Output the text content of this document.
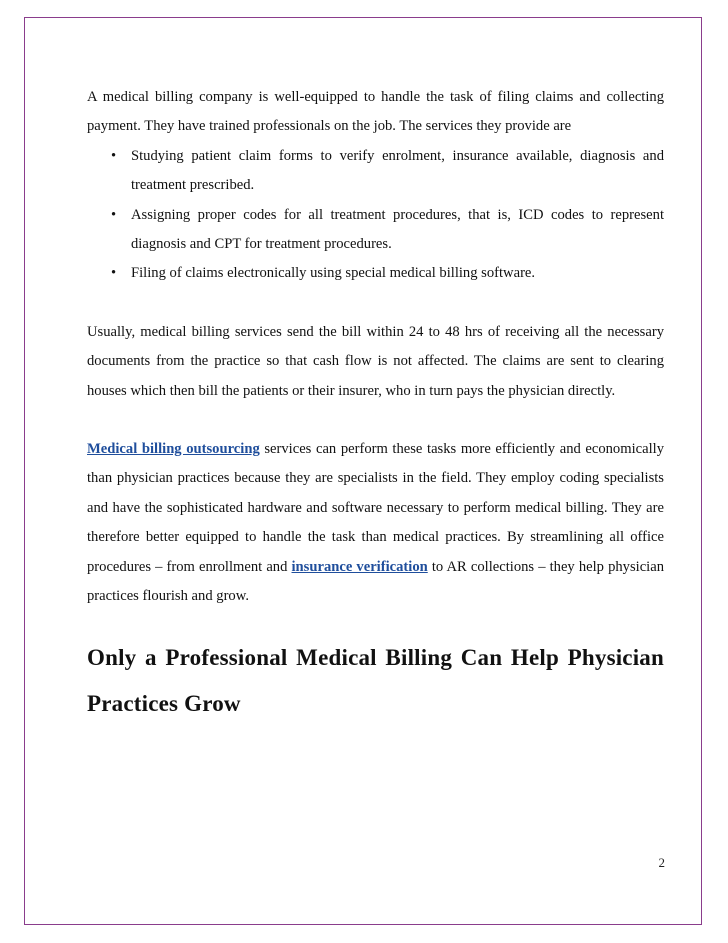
A medical billing company is well-equipped to handle the task of filing claims and collecting payment. They have trained professionals on the job. The services they provide are

• Studying patient claim forms to verify enrolment, insurance available, diagnosis and treatment prescribed.
• Assigning proper codes for all treatment procedures, that is, ICD codes to represent diagnosis and CPT for treatment procedures.
• Filing of claims electronically using special medical billing software.

Usually, medical billing services send the bill within 24 to 48 hrs of receiving all the necessary documents from the practice so that cash flow is not affected. The claims are sent to clearing houses which then bill the patients or their insurer, who in turn pays the physician directly.

Medical billing outsourcing services can perform these tasks more efficiently and economically than physician practices because they are specialists in the field. They employ coding specialists and have the sophisticated hardware and software necessary to perform medical billing. They are therefore better equipped to handle the task than medical practices. By streamlining all office procedures – from enrollment and insurance verification to AR collections – they help physician practices flourish and grow.

Only a Professional Medical Billing Can Help Physician Practices Grow
2
